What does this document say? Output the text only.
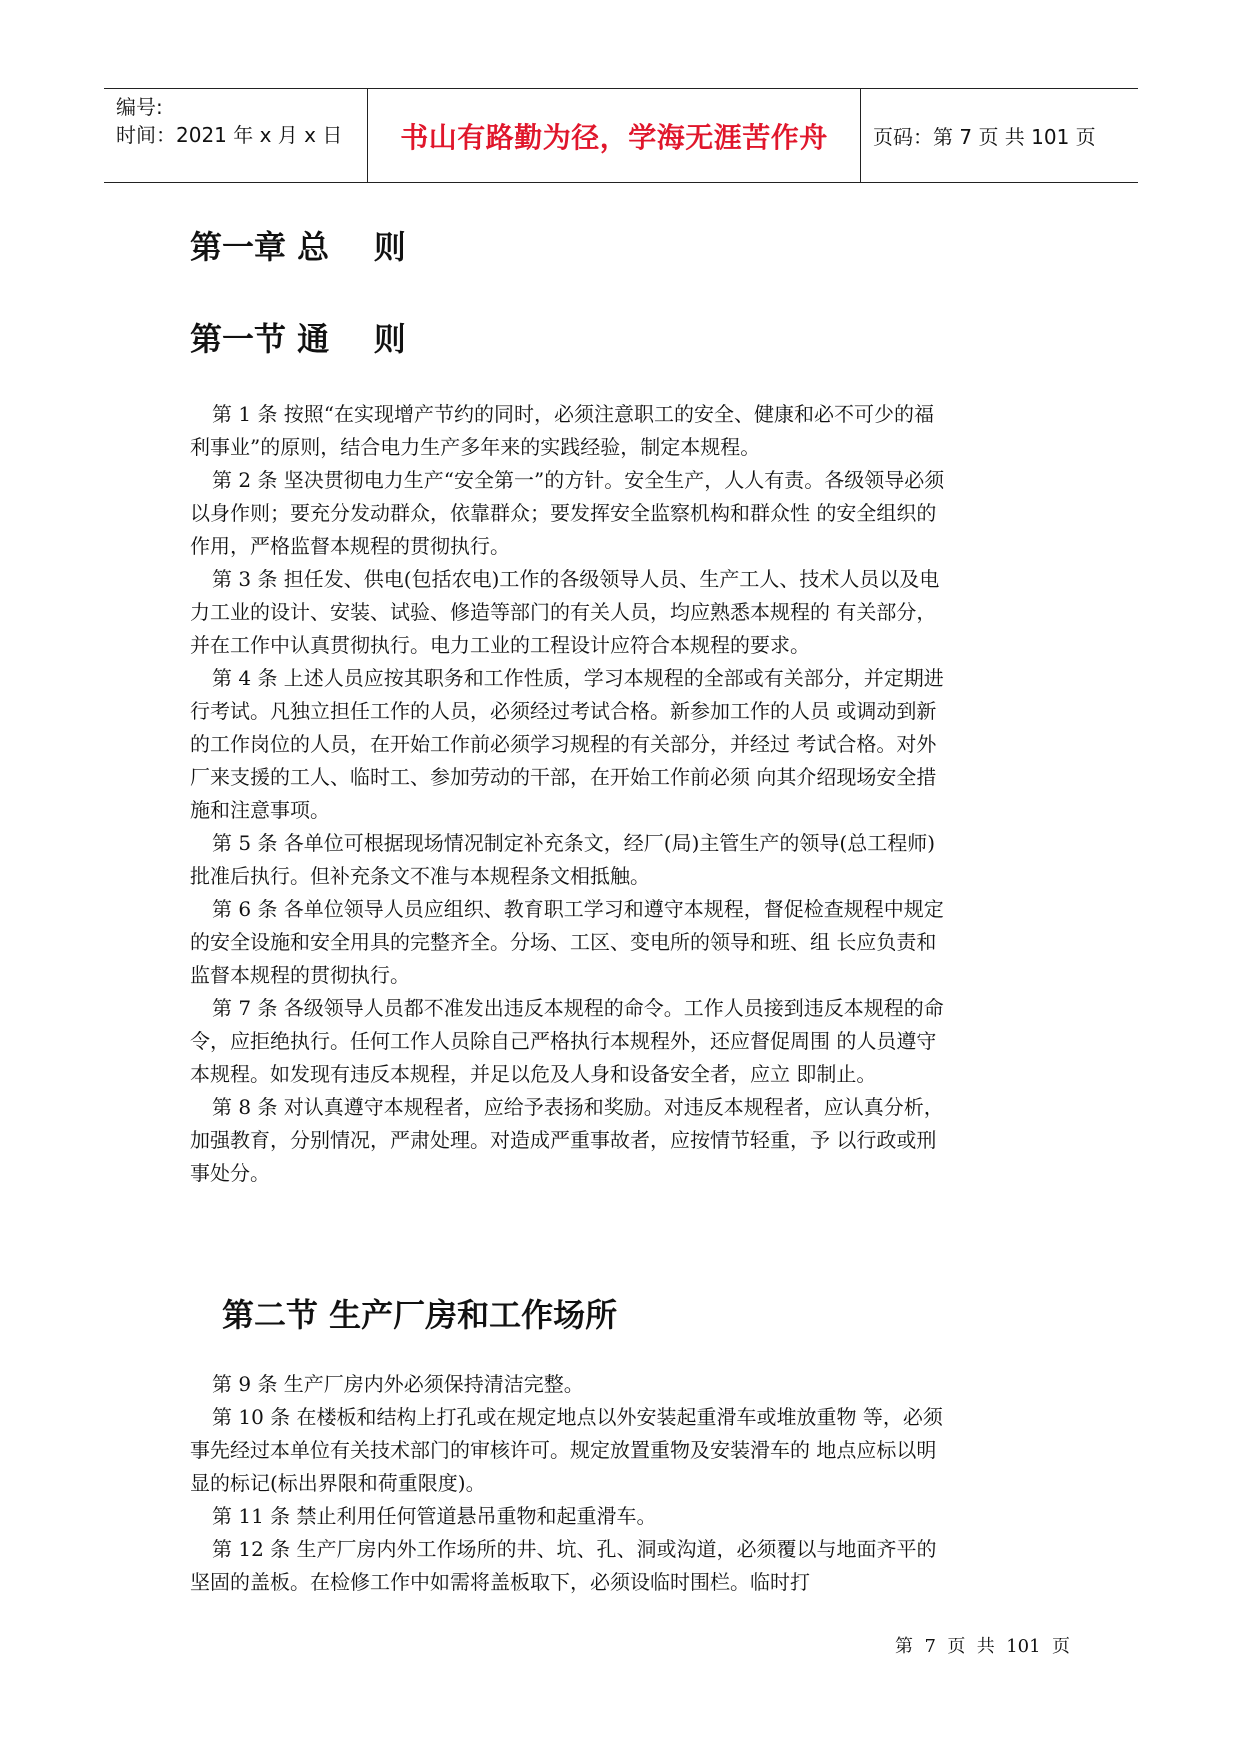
编号:
时间：2021 年 x 月 x 日 书山有路勤为径，学海无涯苦作舟 页码：第 7 页 共 101 页
第一章 总    则
第一节 通    则

第 1 条 按照“在实现增产节约的同时，必须注意职工的安全、健康和必不可少的福利事业”的原则，结合电力生产多年来的实践经验，制定本规程。

第 2 条 坚决贯彻电力生产“安全第一”的方针。安全生产，人人有责。各级领导必须以身作则；要充分发动群众，依靠群众；要发挥安全监察机构和群众性 的安全组织的作用，严格监督本规程的贯彻执行。

第 3 条 担任发、供电(包括农电)工作的各级领导人员、生产工人、技术人员以及电力工业的设计、安装、试验、修造等部门的有关人员，均应熟悉本规程的 有关部分，并在工作中认真贯彻执行。电力工业的工程设计应符合本规程的要求。

第 4 条 上述人员应按其职务和工作性质，学习本规程的全部或有关部分，并定期进行考试。凡独立担任工作的人员，必须经过考试合格。新参加工作的人员 或调动到新的工作岗位的人员，在开始工作前必须学习规程的有关部分，并经过 考试合格。对外厂来支援的工人、临时工、参加劳动的干部，在开始工作前必须 向其介绍现场安全措施和注意事项。

第 5 条 各单位可根据现场情况制定补充条文，经厂(局)主管生产的领导(总工程师)批准后执行。但补充条文不准与本规程条文相抵触。

第 6 条 各单位领导人员应组织、教育职工学习和遵守本规程，督促检查规程中规定的安全设施和安全用具的完整齐全。分场、工区、变电所的领导和班、组 长应负责和监督本规程的贯彻执行。

第 7 条 各级领导人员都不准发出违反本规程的命令。工作人员接到违反本规程的命令，应拒绝执行。任何工作人员除自己严格执行本规程外，还应督促周围 的人员遵守本规程。如发现有违反本规程，并足以危及人身和设备安全者，应立 即制止。

第 8 条 对认真遵守本规程者，应给予表扬和奖励。对违反本规程者，应认真分析，加强教育，分别情况，严肃处理。对造成严重事故者，应按情节轻重，予 以行政或刑事处分。

第二节 生产厂房和工作场所

第 9 条 生产厂房内外必须保持清洁完整。

第 10 条 在楼板和结构上打孔或在规定地点以外安装起重滑车或堆放重物 等，必须事先经过本单位有关技术部门的审核许可。规定放置重物及安装滑车的 地点应标以明显的标记(标出界限和荷重限度)。

第 11 条 禁止利用任何管道悬吊重物和起重滑车。

第 12 条 生产厂房内外工作场所的井、坑、孔、洞或沟道，必须覆以与地面齐平的坚固的盖板。在检修工作中如需将盖板取下，必须设临时围栏。临时打

第  7  页  共  101  页
